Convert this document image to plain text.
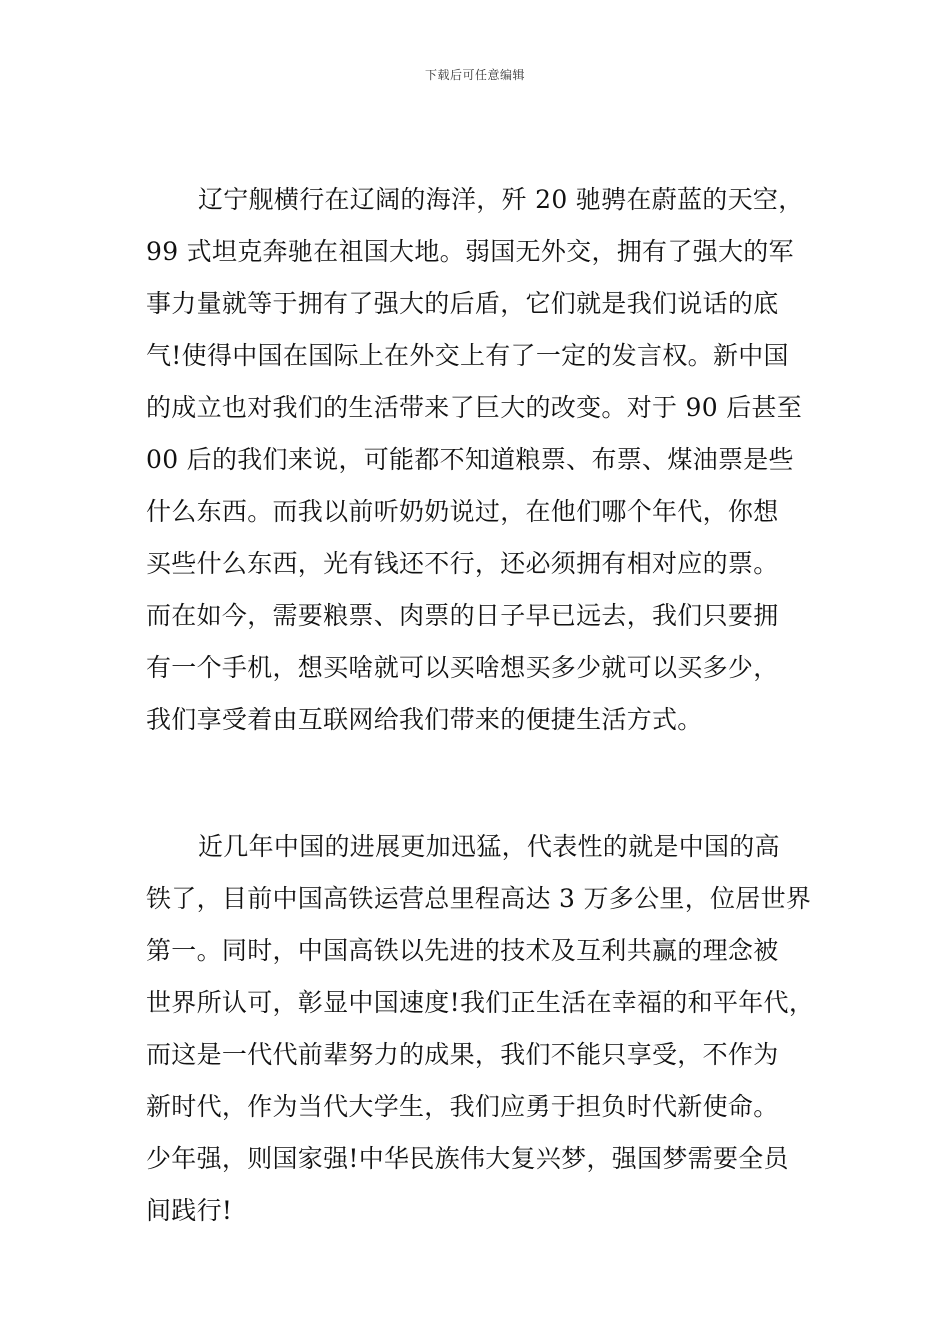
下载后可任意编辑
辽宁舰横行在辽阔的海洋，歼 20 驰骋在蔚蓝的天空，
99 式坦克奔驰在祖国大地。弱国无外交，拥有了强大的军
事力量就等于拥有了强大的后盾，它们就是我们说话的底
气!使得中国在国际上在外交上有了一定的发言权。新中国
的成立也对我们的生活带来了巨大的改变。对于 90 后甚至
00 后的我们来说，可能都不知道粮票、布票、煤油票是些
什么东西。而我以前听奶奶说过，在他们哪个年代，你想
买些什么东西，光有钱还不行，还必须拥有相对应的票。
而在如今，需要粮票、肉票的日子早已远去，我们只要拥
有一个手机，想买啥就可以买啥想买多少就可以买多少，
我们享受着由互联网给我们带来的便捷生活方式。
近几年中国的进展更加迅猛，代表性的就是中国的高
铁了，目前中国高铁运营总里程高达 3 万多公里，位居世界
第一。同时，中国高铁以先进的技术及互利共赢的理念被
世界所认可，彰显中国速度!我们正生活在幸福的和平年代，
而这是一代代前辈努力的成果，我们不能只享受，不作为
新时代，作为当代大学生，我们应勇于担负时代新使命。
少年强，则国家强!中华民族伟大复兴梦，强国梦需要全员
间践行!
